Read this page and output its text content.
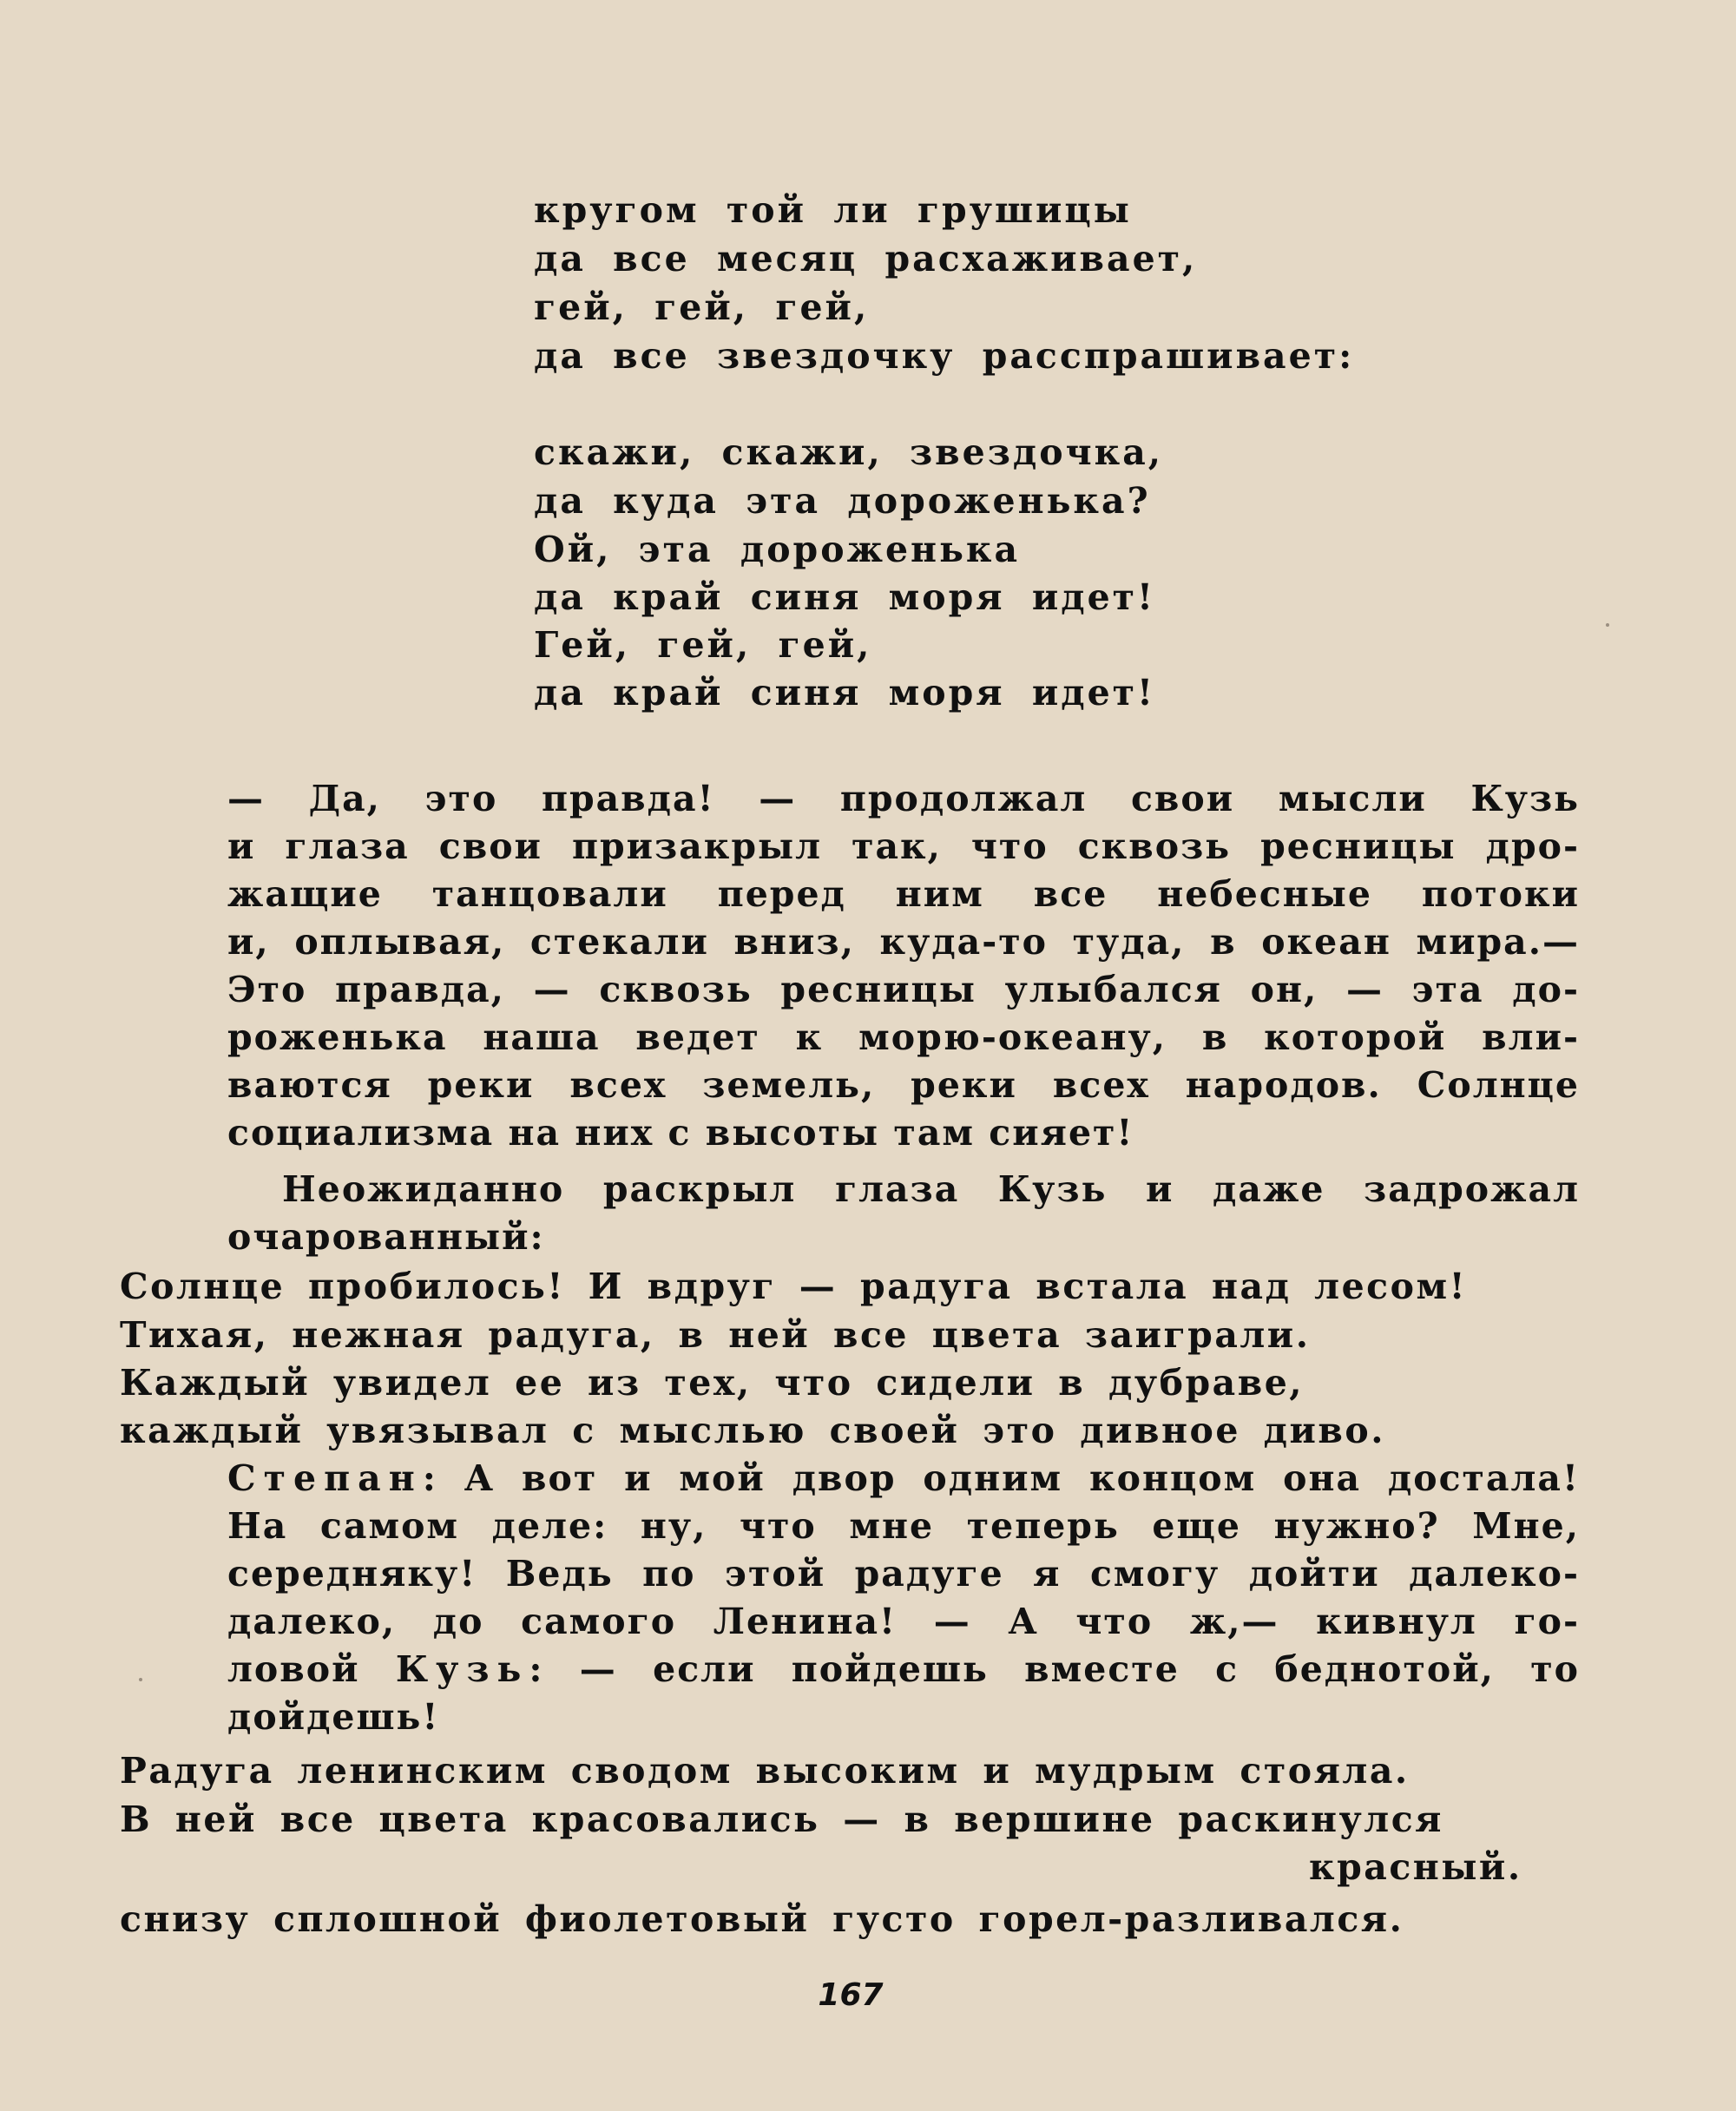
кругом той ли грушицы
да все месяц расхаживает,
гей, гей, гей,
да все звездочку расспрашивает:
скажи, скажи, звездочка,
да куда эта дороженька?
Ой, эта дороженька
да край синя моря идет!
Гей, гей, гей,
да край синя моря идет!
— Да, это правда! — продолжал свои мысли Кузь
и глаза свои призакрыл так, что сквозь ресницы дро-
жащие танцовали перед ним все небесные потоки
и, оплывая, стекали вниз, куда-то туда, в океан мира.—
Это правда, — сквозь ресницы улыбался он, — эта до-
роженька наша ведет к морю-океану, в которой вли-
ваются реки всех земель, реки всех народов. Солнце
социализма на них с высоты там сияет!
Неожиданно раскрыл глаза Кузь и даже задрожал
очарованный:
Солнце пробилось! И вдруг — радуга встала над лесом!
Тихая, нежная радуга, в ней все цвета заиграли.
Каждый увидел ее из тех, что сидели в дубраве,
каждый увязывал с мыслью своей это дивное диво.
Степан: А вот и мой двор одним концом она достала!
На самом деле: ну, что мне теперь еще нужно? Мне,
середняку! Ведь по этой радуге я смогу дойти далеко-
далеко, до самого Ленина! — А что ж,— кивнул го-
ловой Кузь: — если пойдешь вместе с беднотой, то
дойдешь!
Радуга ленинским сводом высоким и мудрым стояла.
В ней все цвета красовались — в вершине раскинулся
красный.
снизу сплошной фиолетовый густо горел-разливался.
167
